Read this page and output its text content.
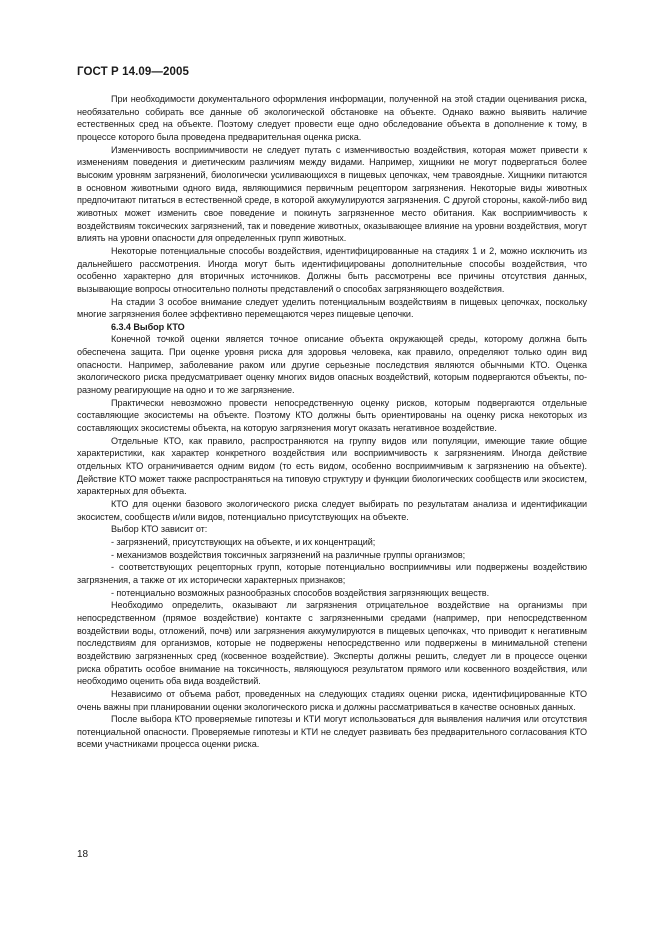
ГОСТ Р 14.09—2005

При необходимости документального оформления информации, полученной на этой стадии оценивания риска, необязательно собирать все данные об экологической обстановке на объекте. Однако важно выявить наличие естественных сред на объекте. Поэтому следует провести еще одно обследование объекта в дополнение к тому, в процессе которого была проведена предварительная оценка риска.

Изменчивость восприимчивости не следует путать с изменчивостью воздействия, которая может привести к изменениям поведения и диетическим различиям между видами. Например, хищники не могут подвергаться более высоким уровням загрязнений, биологически усиливающихся в пищевых цепочках, чем травоядные. Хищники питаются в основном животными одного вида, являющимися первичным рецептором загрязнения. Некоторые виды животных предпочитают питаться в естественной среде, в которой аккумулируются загрязнения. С другой стороны, какой-либо вид животных может изменить свое поведение и покинуть загрязненное место обитания. Как восприимчивость к воздействиям токсических загрязнений, так и поведение животных, оказывающее влияние на уровни воздействия, могут влиять на уровни опасности для определенных групп животных.

Некоторые потенциальные способы воздействия, идентифицированные на стадиях 1 и 2, можно исключить из дальнейшего рассмотрения. Иногда могут быть идентифицированы дополнительные способы воздействия, что особенно характерно для вторичных источников. Должны быть рассмотрены все причины отсутствия данных, вызывающие вопросы относительно полноты представлений о способах загрязняющего воздействия.

На стадии 3 особое внимание следует уделить потенциальным воздействиям в пищевых цепочках, поскольку многие загрязнения более эффективно перемещаются через пищевые цепочки.

6.3.4 Выбор КТО

Конечной точкой оценки является точное описание объекта окружающей среды, которому должна быть обеспечена защита. При оценке уровня риска для здоровья человека, как правило, определяют только один вид опасности. Например, заболевание раком или другие серьезные последствия являются обычными КТО. Оценка экологического риска предусматривает оценку многих видов опасных воздействий, которым подвергаются объекты, по-разному реагирующие на одно и то же загрязнение.

Практически невозможно провести непосредственную оценку рисков, которым подвергаются отдельные составляющие экосистемы на объекте. Поэтому КТО должны быть ориентированы на оценку риска некоторых из составляющих экосистемы объекта, на которую загрязнения могут оказать негативное воздействие.

Отдельные КТО, как правило, распространяются на группу видов или популяции, имеющие такие общие характеристики, как характер конкретного воздействия или восприимчивость к загрязнениям. Иногда действие отдельных КТО ограничивается одним видом (то есть видом, особенно восприимчивым к загрязнению на объекте). Действие КТО может также распространяться на типовую структуру и функции биологических сообществ или экосистем, характерных для объекта.

КТО для оценки базового экологического риска следует выбирать по результатам анализа и идентификации экосистем, сообществ и/или видов, потенциально присутствующих на объекте.

Выбор КТО зависит от:

- загрязнений, присутствующих на объекте, и их концентраций;

- механизмов воздействия токсичных загрязнений на различные группы организмов;

- соответствующих рецепторных групп, которые потенциально восприимчивы или подвержены воздействию загрязнения, а также от их исторически характерных признаков;

- потенциально возможных разнообразных способов воздействия загрязняющих веществ.

Необходимо определить, оказывают ли загрязнения отрицательное воздействие на организмы при непосредственном (прямое воздействие) контакте с загрязненными средами (например, при непосредственном воздействии воды, отложений, почв) или загрязнения аккумулируются в пищевых цепочках, что приводит к негативным последствиям для организмов, которые не подвержены непосредственно или подвержены в минимальной степени воздействию загрязненных сред (косвенное воздействие). Эксперты должны решить, следует ли в процессе оценки риска обратить особое внимание на токсичность, являющуюся результатом прямого или косвенного воздействия, или необходимо оценить оба вида воздействий.

Независимо от объема работ, проведенных на следующих стадиях оценки риска, идентифицированные КТО очень важны при планировании оценки экологического риска и должны рассматриваться в качестве основных данных.

После выбора КТО проверяемые гипотезы и КТИ могут использоваться для выявления наличия или отсутствия потенциальной опасности. Проверяемые гипотезы и КТИ не следует развивать без предварительного согласования КТО всеми участниками процесса оценки риска.

18
